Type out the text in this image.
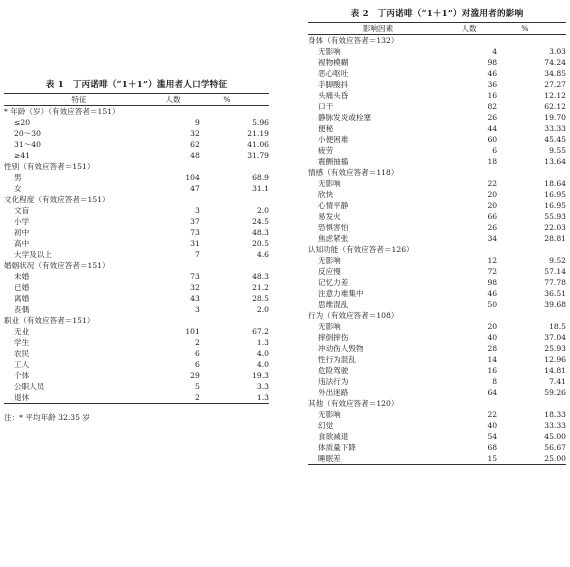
表 1　丁丙诺啡（“1＋1”）滥用者人口学特征
特征	人数	%
* 年龄（岁）（有效应答者＝151）
≤20	9	5.96
20～30	32	21.19
31～40	62	41.06
≥41	48	31.79
性别（有效应答者＝151）
男	104	68.9
女	47	31.1
文化程度（有效应答者＝151）
文盲	3	2.0
小学	37	24.5
初中	73	48.3
高中	31	20.5
大学及以上	7	4.6
婚姻状况（有效应答者＝151）
未婚	73	48.3
已婚	32	21.2
离婚	43	28.5
丧偶	3	2.0
职业（有效应答者＝151）
无业	101	67.2
学生	2	1.3
农民	6	4.0
工人	6	4.0
个体	29	19.3
公职人员	5	3.3
退休	2	1.3
注：* 平均年龄 32.35 岁
表 2　丁丙诺啡（“1＋1”）对滥用者的影响
影响因素	人数	%
身体（有效应答者＝132）
无影响	4	3.03
视物模糊	98	74.24
恶心呕吐	46	34.85
手脚酸抖	36	27.27
头痛头昏	16	12.12
口干	82	62.12
静脉发炎或栓塞	26	19.70
便秘	44	33.33
小便困难	60	45.45
疲劳	6	9.55
震颤抽搐	18	13.64
情感（有效应答者＝118）
无影响	22	18.64
欣快	20	16.95
心情平静	20	16.95
易发火	66	55.93
恐惧害怕	26	22.03
焦虑紧张	34	28.81
认知功能（有效应答者＝126）
无影响	12	9.52
反应慢	72	57.14
记忆力差	98	77.78
注意力难集中	46	36.51
思维混乱	50	39.68
行为（有效应答者＝108）
无影响	20	18.5
摔倒摔伤	40	37.04
冲动伤人毁物	28	25.93
性行为混乱	14	12.96
危险驾驶	16	14.81
违法行为	8	7.41
外出迷路	64	59.26
其他（有效应答者＝120）
无影响	22	18.33
幻觉	40	33.33
食欲减退	54	45.00
体质量下降	68	56.67
睡眠差	15	25.00
